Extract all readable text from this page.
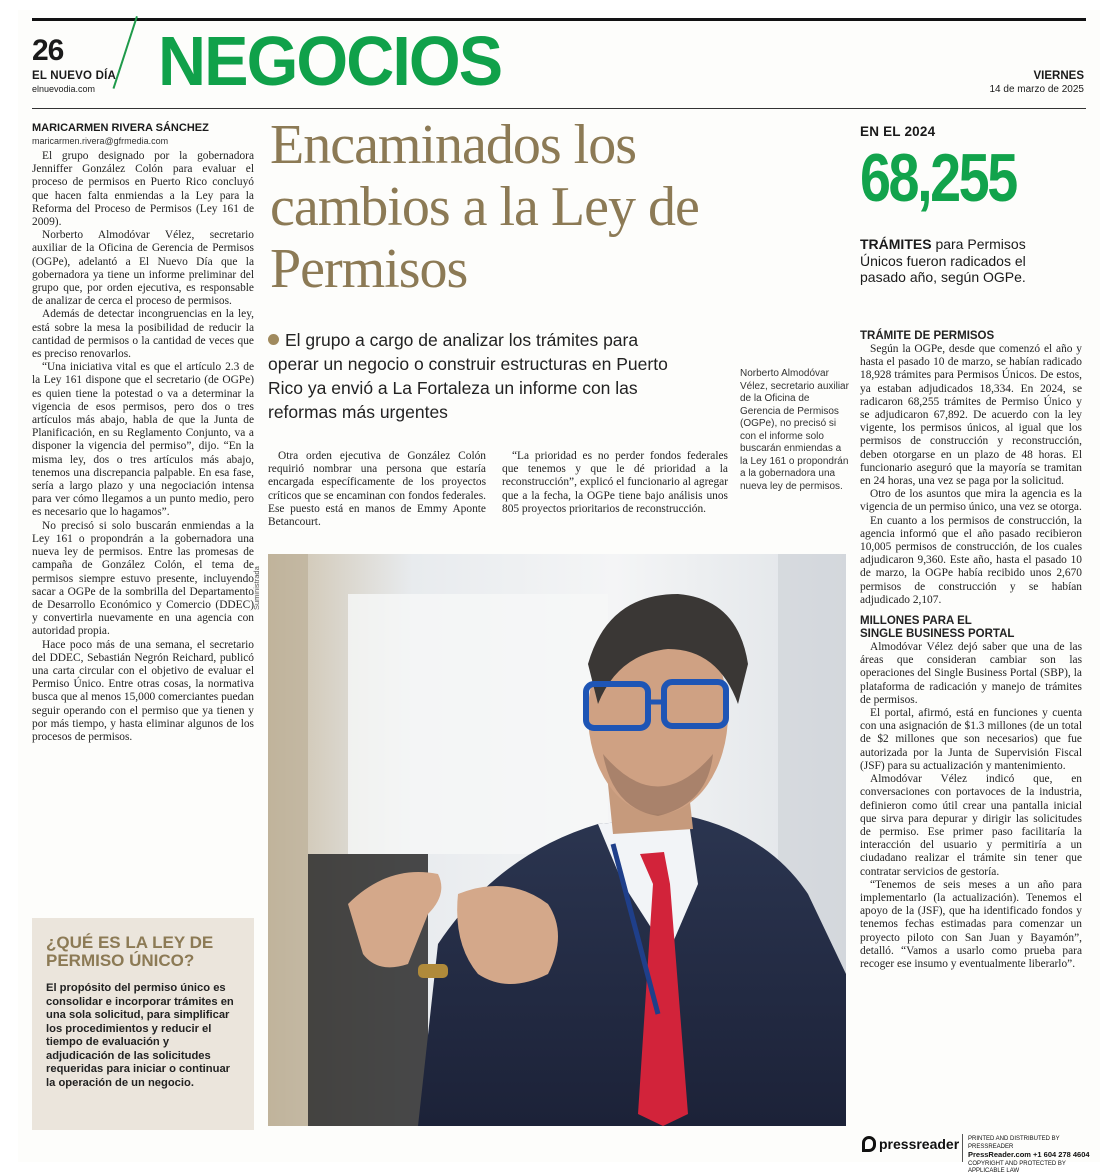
26
EL NUEVO DÍA
elnuevodia.com NEGOCIOS	VIERNES
14 de marzo de 2025
MARICARMEN RIVERA SÁNCHEZ
maricarmen.rivera@gfrmedia.com

El grupo designado por la gobernadora Jenniffer González Colón para evaluar el proceso de permisos en Puerto Rico concluyó que hacen falta enmiendas a la Ley para la Reforma del Proceso de Permisos (Ley 161 de 2009).

Norberto Almodóvar Vélez, secretario auxiliar de la Oficina de Gerencia de Permisos (OGPe), adelantó a El Nuevo Día que la gobernadora ya tiene un informe preliminar del grupo que, por orden ejecutiva, es responsable de analizar de cerca el proceso de permisos.

Además de detectar incongruencias en la ley, está sobre la mesa la posibilidad de reducir la cantidad de permisos o la cantidad de veces que es preciso renovarlos.

“Una iniciativa vital es que el artículo 2.3 de la Ley 161 dispone que el secretario (de OGPe) es quien tiene la potestad o va a determinar la vigencia de esos permisos, pero dos o tres artículos más abajo, habla de que la Junta de Planificación, en su Reglamento Conjunto, va a disponer la vigencia del permiso”, dijo. “En la misma ley, dos o tres artículos más abajo, tenemos una discrepancia palpable. En esa fase, sería a largo plazo y una negociación intensa para ver cómo llegamos a un punto medio, pero es necesario que lo hagamos”.

No precisó si solo buscarán enmiendas a la Ley 161 o propondrán a la gobernadora una nueva ley de permisos. Entre las promesas de campaña de González Colón, el tema de permisos siempre estuvo presente, incluyendo sacar a OGPe de la sombrilla del Departamento de Desarrollo Económico y Comercio (DDEC) y convertirla nuevamente en una agencia con autoridad propia.

Hace poco más de una semana, el secretario del DDEC, Sebastián Negrón Reichard, publicó una carta circular con el objetivo de evaluar el Permiso Único. Entre otras cosas, la normativa busca que al menos 15,000 comerciantes puedan seguir operando con el permiso que ya tienen y por más tiempo, y hasta eliminar algunos de los procesos de permisos.

Encaminados los cambios a la Ley de Permisos
El grupo a cargo de analizar los trámites para operar un negocio o construir estructuras en Puerto Rico ya envió a La Fortaleza un informe con las reformas más urgentes

Otra orden ejecutiva de González Colón requirió nombrar una persona que estaría encargada específicamente de los proyectos críticos que se encaminan con fondos federales. Ese puesto está en manos de Emmy Aponte Betancourt.

“La prioridad es no perder fondos federales que tenemos y que le dé prioridad a la reconstrucción”, explicó el funcionario al agregar que a la fecha, la OGPe tiene bajo análisis unos 805 proyectos prioritarios de reconstrucción.

Norberto Almodóvar Vélez, secretario auxiliar de la Oficina de Gerencia de Permisos (OGPe), no precisó si con el informe solo buscarán enmiendas a la Ley 161 o propondrán a la gobernadora una nueva ley de permisos.
Suministrada
EN EL 2024
68,255
TRÁMITES para Permisos Únicos fueron radicados el pasado año, según OGPe.

TRÁMITE DE PERMISOS

Según la OGPe, desde que comenzó el año y hasta el pasado 10 de marzo, se habían radicado 18,928 trámites para Permisos Únicos. De estos, ya estaban adjudicados 18,334. En 2024, se radicaron 68,255 trámites de Permiso Único y se adjudicaron 67,892. De acuerdo con la ley vigente, los permisos únicos, al igual que los permisos de construcción y reconstrucción, deben otorgarse en un plazo de 48 horas. El funcionario aseguró que la mayoría se tramitan en 24 horas, una vez se paga por la solicitud.

Otro de los asuntos que mira la agencia es la vigencia de un permiso único, una vez se otorga.

En cuanto a los permisos de construcción, la agencia informó que el año pasado recibieron 10,005 permisos de construcción, de los cuales adjudicaron 9,360. Este año, hasta el pasado 10 de marzo, la OGPe había recibido unos 2,670 permisos de construcción y se habían adjudicado 2,107.

MILLONES PARA EL

SINGLE BUSINESS PORTAL

Almodóvar Vélez dejó saber que una de las áreas que consideran cambiar son las operaciones del Single Business Portal (SBP), la plataforma de radicación y manejo de trámites de permisos.

El portal, afirmó, está en funciones y cuenta con una asignación de $1.3 millones (de un total de $2 millones que son necesarios) que fue autorizada por la Junta de Supervisión Fiscal (JSF) para su actualización y mantenimiento.

Almodóvar Vélez indicó que, en conversaciones con portavoces de la industria, definieron como útil crear una pantalla inicial que sirva para depurar y dirigir las solicitudes de permiso. Ese primer paso facilitaría la interacción del usuario y permitiría a un ciudadano realizar el trámite sin tener que contratar servicios de gestoría.

“Tenemos de seis meses a un año para implementarlo (la actualización). Tenemos el apoyo de la (JSF), que ha identificado fondos y tenemos fechas estimadas para comenzar un proyecto piloto con San Juan y Bayamón”, detalló. “Vamos a usarlo como prueba para recoger ese insumo y eventualmente liberarlo”.

¿QUÉ ES LA LEY DE PERMISO ÚNICO?
El propósito del permiso único es consolidar e incorporar trámites en una sola solicitud, para simplificar los procedimientos y reducir el tiempo de evaluación y adjudicación de las solicitudes requeridas para iniciar o continuar la operación de un negocio.
pressreader PRINTED AND DISTRIBUTED BY PRESSREADER
PressReader.com +1 604 278 4604
COPYRIGHT AND PROTECTED BY APPLICABLE LAW
